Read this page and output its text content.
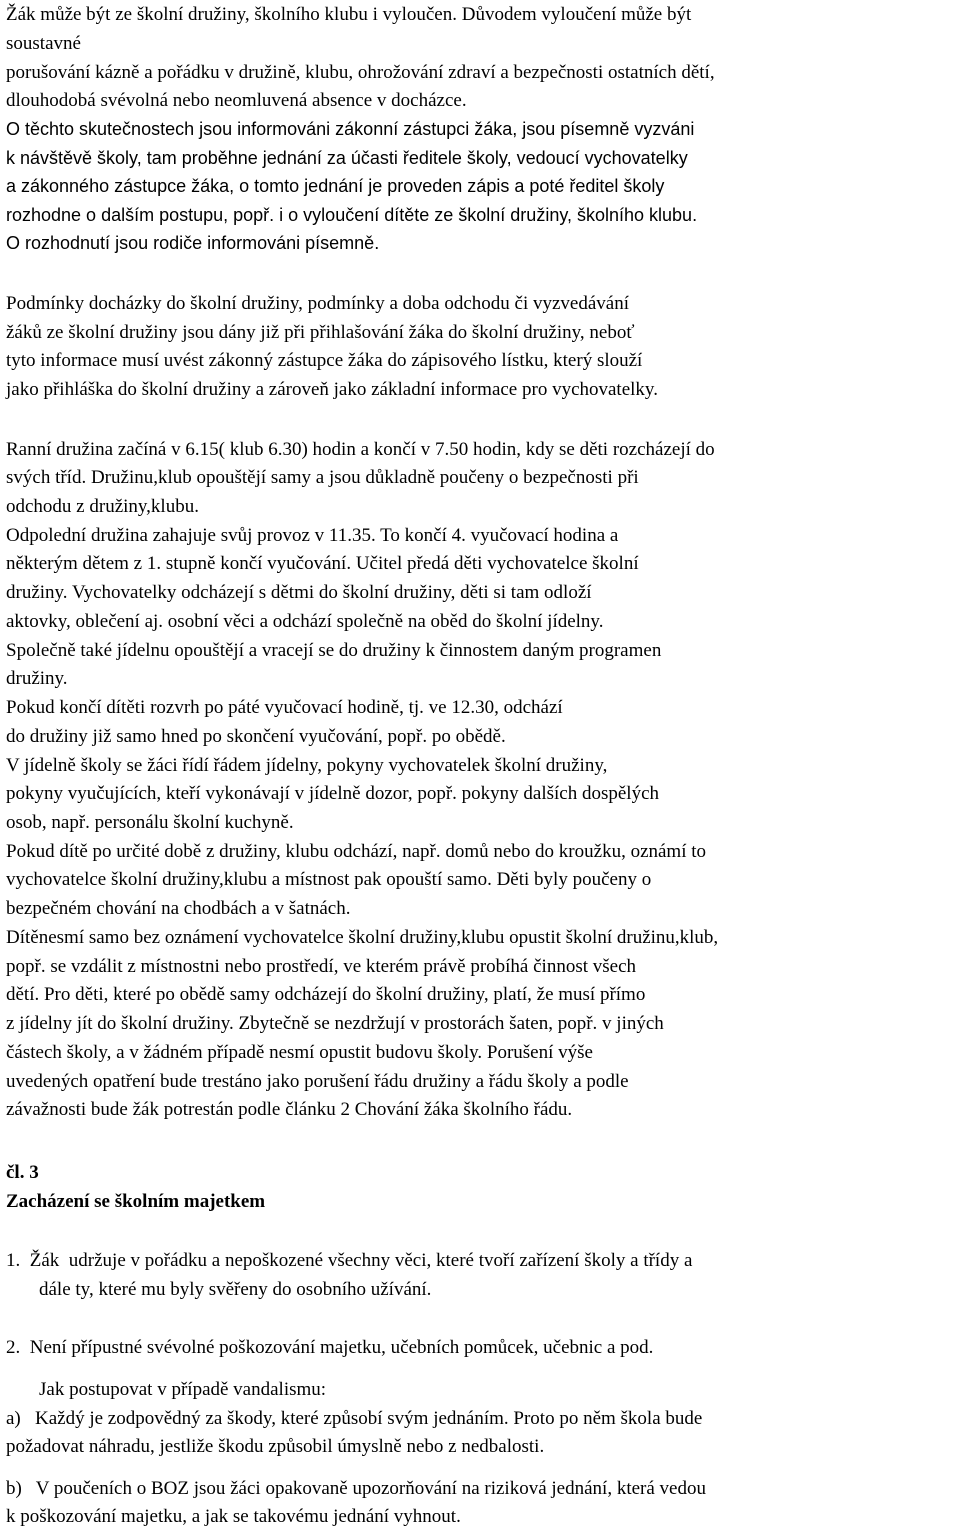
Žák může být ze školní družiny, školního klubu i vyloučen. Důvodem vyloučení může být
soustavné
porušování kázně a pořádku v družině, klubu, ohrožování zdraví a bezpečnosti ostatních dětí,
dlouhodobá svévolná nebo neomluvená absence v docházce.
O těchto skutečnostech jsou informováni zákonní zástupci žáka, jsou písemně vyzváni
k návštěvě školy, tam proběhne jednání za účasti ředitele školy, vedoucí vychovatelky
a zákonného zástupce žáka, o tomto jednání je proveden zápis a poté ředitel školy
rozhodne o dalším postupu, popř. i o vyloučení dítěte ze školní družiny, školního klubu.
O rozhodnutí jsou rodiče informováni písemně.
Podmínky docházky do školní družiny, podmínky a doba odchodu či vyzvedávání
žáků ze školní družiny jsou dány již při přihlašování žáka do školní družiny, neboť
tyto informace musí uvést zákonný zástupce žáka do zápisového lístku, který slouží
jako přihláška do školní družiny a zároveň jako základní informace pro vychovatelky.
Ranní družina začíná v 6.15( klub 6.30) hodin a končí v 7.50 hodin, kdy se děti rozcházejí do
svých tříd. Družinu,klub opouštějí samy a jsou důkladně poučeny o bezpečnosti při
odchodu z družiny,klubu.
Odpolední družina zahajuje svůj provoz v 11.35. To končí 4. vyučovací hodina a
některým dětem z 1. stupně končí vyučování. Učitel předá děti vychovatelce školní
družiny. Vychovatelky odcházejí s dětmi do školní družiny, děti si tam odloží
aktovky, oblečení aj. osobní věci a odchází společně na oběd do školní jídelny.
Společně také jídelnu opouštějí a vracejí se do družiny k činnostem daným programen
družiny.
Pokud končí dítěti rozvrh po páté vyučovací hodině, tj. ve 12.30, odchází
do družiny již samo hned po skončení vyučování, popř. po obědě.
V jídelně školy se žáci řídí řádem jídelny, pokyny vychovatelek školní družiny,
pokyny vyučujících, kteří vykonávají v jídelně dozor, popř. pokyny dalších dospělých
osob, např. personálu školní kuchyně.
Pokud dítě po určité době z družiny, klubu odchází, např. domů nebo do kroužku, oznámí to
vychovatelce školní družiny,klubu a místnost pak opouští samo. Děti byly poučeny o
bezpečném chování na chodbách a v šatnách.
Dítěnesmí samo bez oznámení vychovatelce školní družiny,klubu opustit školní družinu,klub,
popř. se vzdálit z místnostni nebo prostředí, ve kterém právě probíhá činnost všech
dětí. Pro děti, které po obědě samy odcházejí do školní družiny, platí, že musí přímo
z jídelny jít do školní družiny. Zbytečně se nezdržují v prostorách šaten, popř. v jiných
částech školy, a v žádném případě nesmí opustit budovu školy. Porušení výše
uvedených opatření bude trestáno jako porušení řádu družiny a řádu školy a podle
závažnosti bude žák potrestán podle článku 2 Chování žáka školního řádu.
čl. 3
Zacházení se školním majetkem
1.  Žák  udržuje v pořádku a nepoškozené všechny věci, které tvoří zařízení školy a třídy a
dále ty, které mu byly svěřeny do osobního užívání.
2.  Není přípustné svévolné poškozování majetku, učebních pomůcek, učebnic a pod.
Jak postupovat v případě vandalismu:
a)   Každý je zodpovědný za škody, které způsobí svým jednáním. Proto po něm škola bude
požadovat náhradu, jestliže škodu způsobil úmyslně nebo z nedbalosti.
b)   V poučeních o BOZ jsou žáci opakovaně upozorňování na riziková jednání, která vedou
k poškozování majetku, a jak se takovému jednání vyhnout.
